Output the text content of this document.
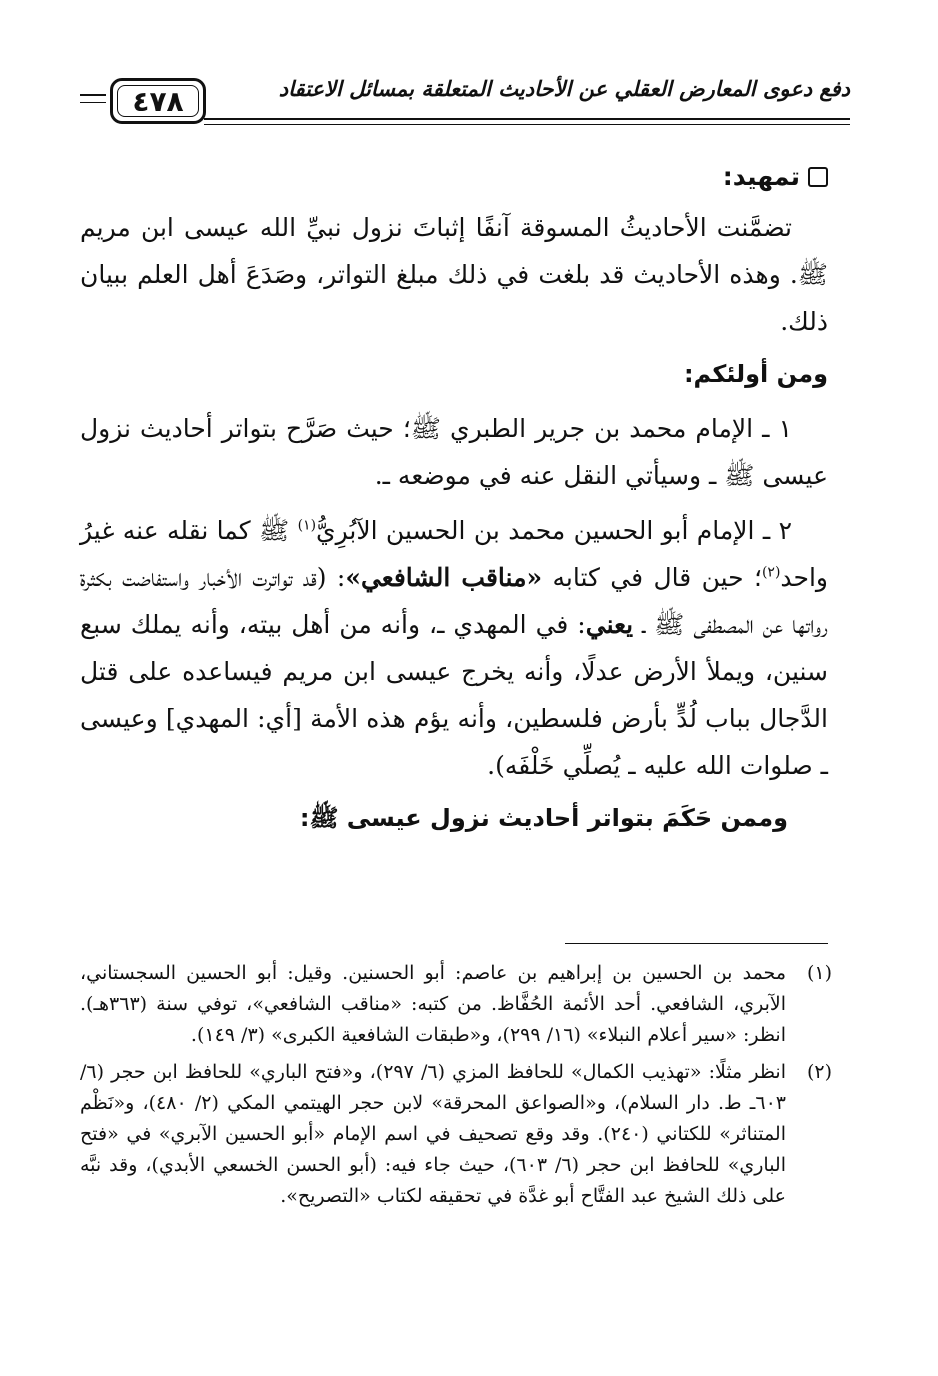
٤٧٨	دفع دعوى المعارض العقلي عن الأحاديث المتعلقة بمسائل الاعتقاد
تمهيد:

تضمَّنت الأحاديثُ المسوقة آنفًا إثباتَ نزول نبيِّ الله عيسى ابن مريم ﷺ. وهذه الأحاديث قد بلغت في ذلك مبلغ التواتر، وصَدَعَ أهل العلم ببيان ذلك.

ومن أولئكم:

١ ـ الإمام محمد بن جرير الطبري ﷺ؛ حيث صَرَّح بتواتر أحاديث نزول عيسى ﷺ ـ وسيأتي النقل عنه في موضعه ـ.

٢ ـ الإمام أبو الحسين محمد بن الحسين الآبُرِيُّ$^{(١)}$ ﷺ كما نقله عنه غيرُ واحد$^{(٢)}$؛ حين قال في كتابه «مناقب الشافعي»: (قد تواترت الأخبار واستفاضت بكثرة رواتها عن المصطفى ﷺ ـ يعني: في المهدي ـ، وأنه من أهل بيته، وأنه يملك سبع سنين، ويملأ الأرض عدلًا، وأنه يخرج عيسى ابن مريم فيساعده على قتل الدَّجال بباب لُدٍّ بأرض فلسطين، وأنه يؤم هذه الأمة [أي: المهدي] وعيسى ـ صلوات الله عليه ـ يُصلِّي خَلْفَه).

وممن حَكَمَ بتواتر أحاديث نزول عيسى ﷺ:
(١)
محمد بن الحسين بن إبراهيم بن عاصم: أبو الحسنين. وقيل: أبو الحسين السجستاني، الآبري، الشافعي. أحد الأئمة الحُفَّاظ. من كتبه: «مناقب الشافعي»، توفي سنة (٣٦٣هـ). انظر: «سير أعلام النبلاء» (١٦/ ٢٩٩)، و«طبقات الشافعية الكبرى» (٣/ ١٤٩).
(٢)
انظر مثلًا: «تهذيب الكمال» للحافظ المزي (٦/ ٢٩٧)، و«فتح الباري» للحافظ ابن حجر (٦/ ٦٠٣ـ ط. دار السلام)، و«الصواعق المحرقة» لابن حجر الهيتمي المكي (٢/ ٤٨٠)، و«نَظْم المتناثر» للكتاني (٢٤٠). وقد وقع تصحيف في اسم الإمام «أبو الحسين الآبري» في «فتح الباري» للحافظ ابن حجر (٦/ ٦٠٣)، حيث جاء فيه: (أبو الحسن الخسعي الأبدي)، وقد نبَّه على ذلك الشيخ عبد الفتَّاح أبو غدَّة في تحقيقه لكتاب «التصريح».
